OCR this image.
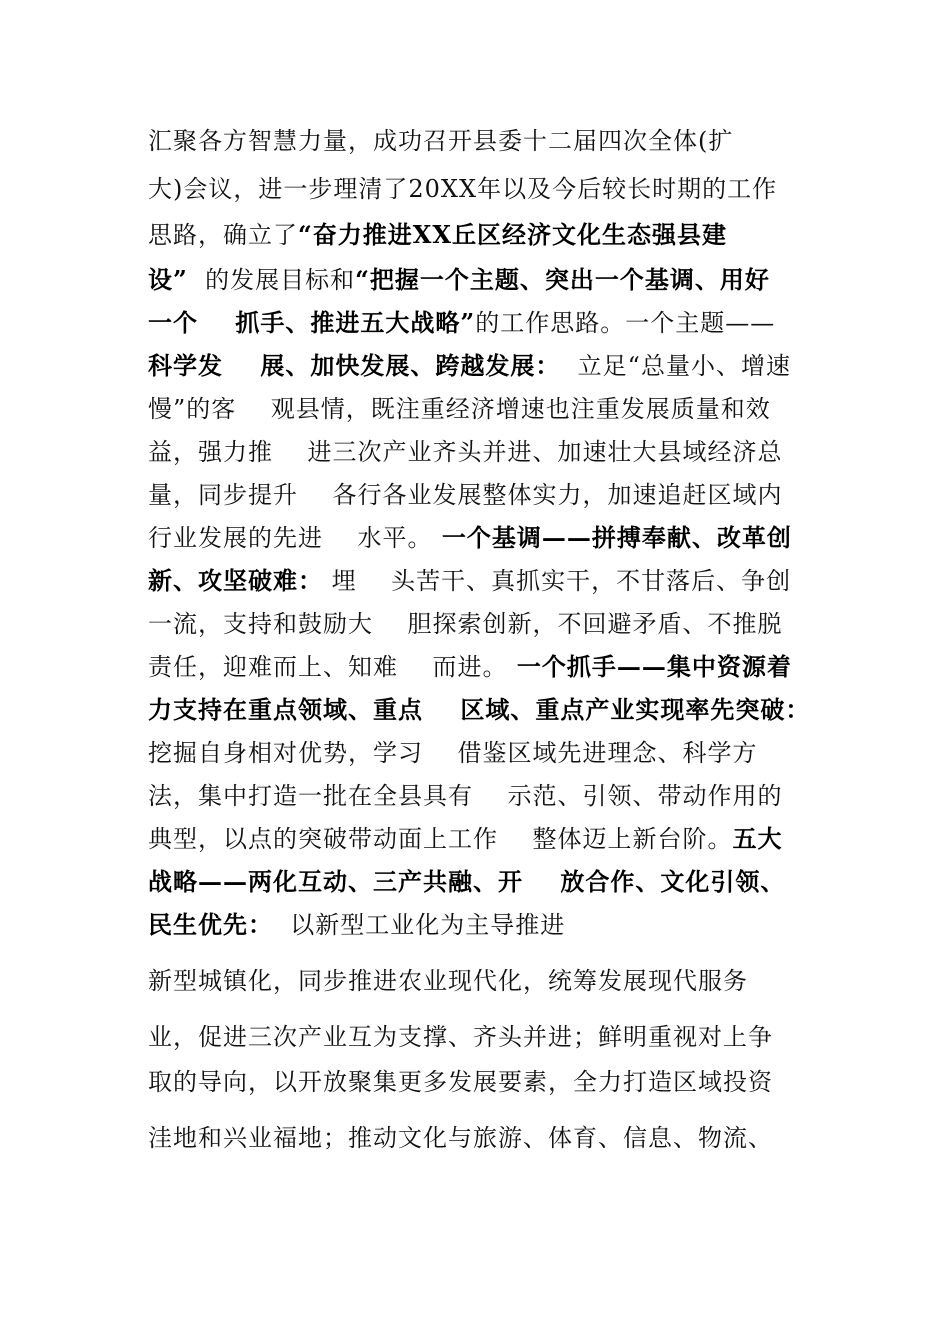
汇聚各方智慧力量，成功召开县委十二届四次全体(扩
大)会议，进一步理清了20XX年以及今后较长时期的工作
思路，确立了“奋力推进XX丘区经济文化生态强县建
设”  的发展目标和“把握一个主题、突出一个基调、用好
一个    抓手、推进五大战略”的工作思路。一个主题——
科学发    展、加快发展、跨越发展：  立足“总量小、增速
慢”的客    观县情，既注重经济增速也注重发展质量和效
益，强力推    进三次产业齐头并进、加速壮大县域经济总
量，同步提升    各行各业发展整体实力，加速追赶区域内
行业发展的先进    水平。 一个基调——拼搏奉献、改革创
新、攻坚破难： 埋    头苦干、真抓实干，不甘落后、争创
一流，支持和鼓励大    胆探索创新，不回避矛盾、不推脱
责任，迎难而上、知难    而进。 一个抓手——集中资源着
力支持在重点领域、重点    区域、重点产业实现率先突破：
挖掘自身相对优势，学习    借鉴区域先进理念、科学方
法，集中打造一批在全县具有    示范、引领、带动作用的
典型，以点的突破带动面上工作    整体迈上新台阶。五大
战略——两化互动、三产共融、开    放合作、文化引领、
民生优先：  以新型工业化为主导推进
新型城镇化，同步推进农业现代化，统筹发展现代服务
业，促进三次产业互为支撑、齐头并进；鲜明重视对上争
取的导向，以开放聚集更多发展要素，全力打造区域投资
洼地和兴业福地；推动文化与旅游、体育、信息、物流、
